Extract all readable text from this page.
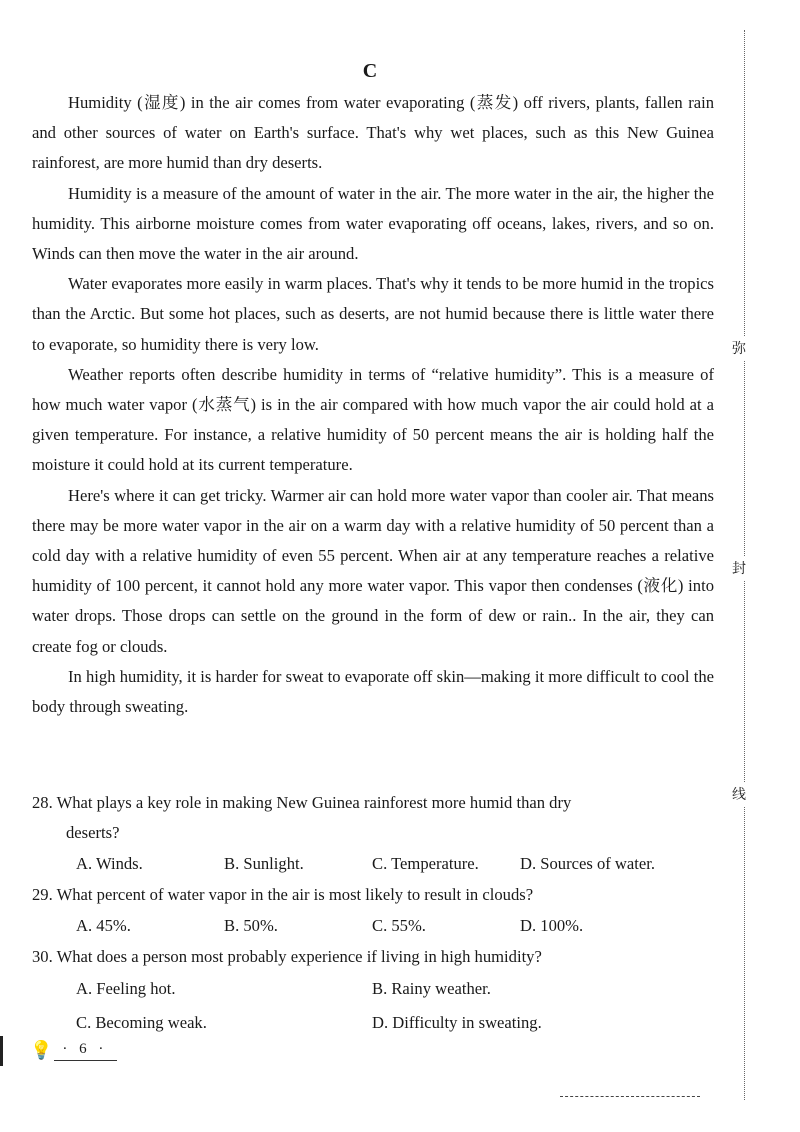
C

Humidity (湿度) in the air comes from water evaporating (蒸发) off rivers, plants, fallen rain and other sources of water on Earth's surface. That's why wet places, such as this New Guinea rainforest, are more humid than dry deserts.

Humidity is a measure of the amount of water in the air. The more water in the air, the higher the humidity. This airborne moisture comes from water evaporating off oceans, lakes, rivers, and so on. Winds can then move the water in the air around.

Water evaporates more easily in warm places. That's why it tends to be more humid in the tropics than the Arctic. But some hot places, such as deserts, are not humid because there is little water there to evaporate, so humidity there is very low.

Weather reports often describe humidity in terms of “relative humidity”. This is a measure of how much water vapor (水蒸气) is in the air compared with how much vapor the air could hold at a given temperature. For instance, a relative humidity of 50 percent means the air is holding half the moisture it could hold at its current temperature.

Here's where it can get tricky. Warmer air can hold more water vapor than cooler air. That means there may be more water vapor in the air on a warm day with a relative humidity of 50 percent than a cold day with a relative humidity of even 55 percent. When air at any temperature reaches a relative humidity of 100 percent, it cannot hold any more water vapor. This vapor then condenses (液化) into water drops. Those drops can settle on the ground in the form of dew or rain.. In the air, they can create fog or clouds.

In high humidity, it is harder for sweat to evaporate off skin—making it more difficult to cool the body through sweating.

28. What plays a key role in making New Guinea rainforest more humid than dry
deserts?
A. Winds.	B. Sunlight.	C. Temperature.	D. Sources of water.
29. What percent of water vapor in the air is most likely to result in clouds?
A. 45%.	B. 50%.	C. 55%.	D. 100%.
30. What does a person most probably experience if living in high humidity?
A. Feeling hot.	B. Rainy weather.
C. Becoming weak.	D. Difficulty in sweating.
💡 · 6 ·
弥
封
线
